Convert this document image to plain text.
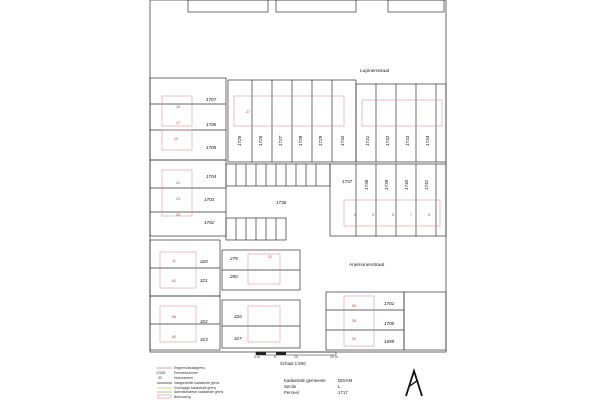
Lupinenstraat
Anemonenstraat
1707
1706
1705
1704
1703
1702
1725	1726	1727	1728	1729	1730	1731	1732	1733	1734
1737	1738	1739	1740	1741
1736
320
321
322
323
279
280
326
327
1701
1700
1699
15
17
19
21
23
25
27
1	3	5	7	9
11
61
58
62
60
35
33
31
0 m	5	10	20 m
Schaal 1:500
Erfgrens/straatgrens
12345	Perceelnummer
33	Huisnummer
Vastgestelde kadastrale grens
Voorlopige kadastrale grens
Administratieve kadastrale grens
Bebouwing
Kadastrale gemeente	DIDAM
Sectie	L
Perceel	1717
